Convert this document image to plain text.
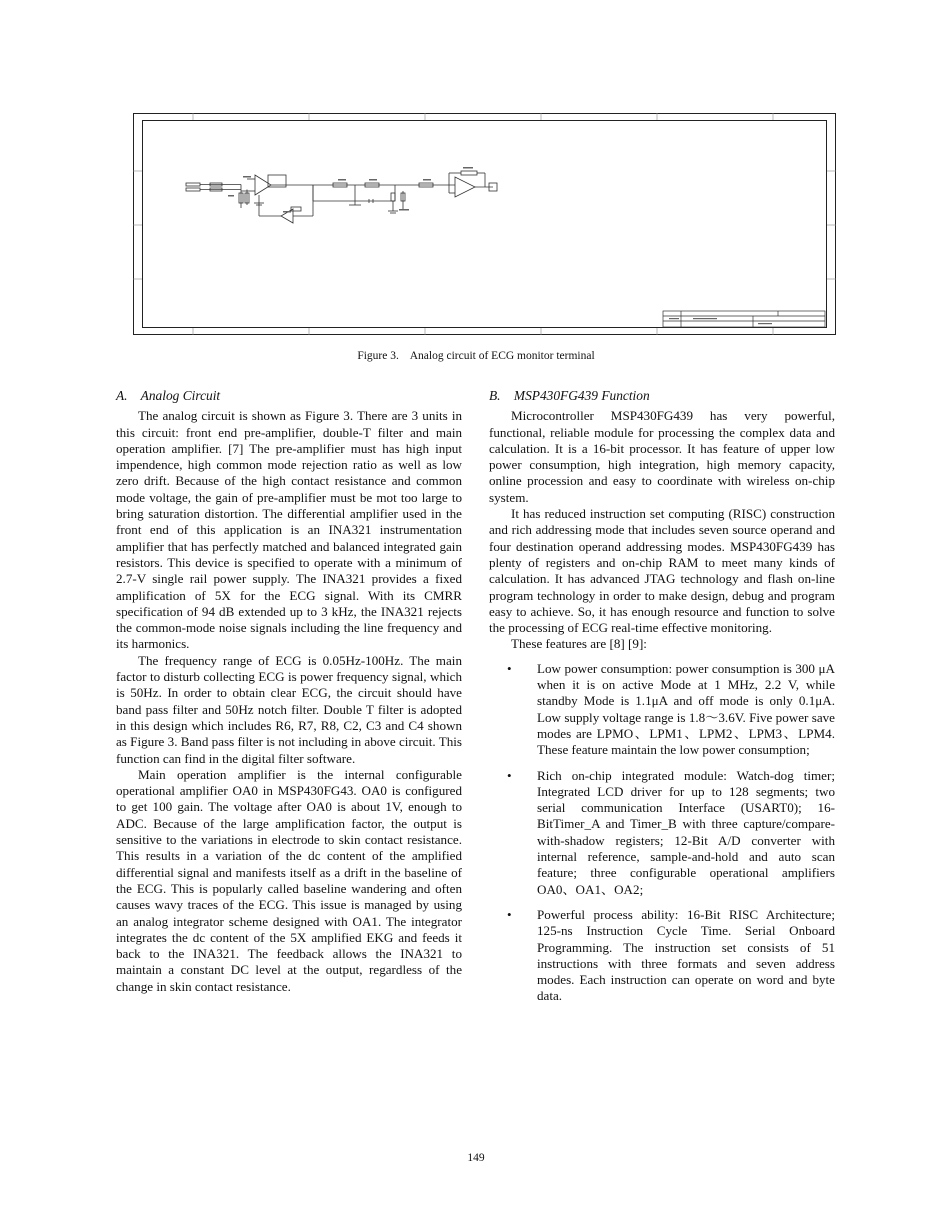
Figure 3.    Analog circuit of ECG monitor terminal
A.    Analog Circuit

The analog circuit is shown as Figure 3. There are 3 units in this circuit: front end pre-amplifier, double-T filter and main operation amplifier. [7] The pre-amplifier must has high input impendence, high common mode rejection ratio as well as low zero drift. Because of the high contact resistance and common mode voltage, the gain of pre-amplifier must be mot too large to bring saturation distortion. The differential amplifier used in the front end of this application is an INA321 instrumentation amplifier that has perfectly matched and balanced integrated gain resistors. This device is specified to operate with a minimum of 2.7-V single rail power supply. The INA321 provides a fixed amplification of 5X for the ECG signal. With its CMRR specification of 94 dB extended up to 3 kHz, the INA321 rejects the common-mode noise signals including the line frequency and its harmonics.

The frequency range of ECG is 0.05Hz-100Hz. The main factor to disturb collecting ECG is power frequency signal, which is 50Hz. In order to obtain clear ECG, the circuit should have band pass filter and 50Hz notch filter. Double T filter is adopted in this design which includes R6, R7, R8, C2, C3 and C4 shown as Figure 3. Band pass filter is not including in above circuit. This function can find in the digital filter software.

Main operation amplifier is the internal configurable operational amplifier OA0 in MSP430FG43. OA0 is configured to get 100 gain. The voltage after OA0 is about 1V, enough to ADC. Because of the large amplification factor, the output is sensitive to the variations in electrode to skin contact resistance. This results in a variation of the dc content of the amplified differential signal and manifests itself as a drift in the baseline of the ECG. This is popularly called baseline wandering and often causes wavy traces of the ECG. This issue is managed by using an analog integrator scheme designed with OA1. The integrator integrates the dc content of the 5X amplified EKG and feeds it back to the INA321. The feedback allows the INA321 to maintain a constant DC level at the output, regardless of the change in skin contact resistance.

B.    MSP430FG439 Function

Microcontroller MSP430FG439 has very powerful, functional, reliable module for processing the complex data and calculation. It is a 16-bit processor. It has feature of upper low power consumption, high integration, high memory capacity, online procession and easy to coordinate with wireless on-chip system.

It has reduced instruction set computing (RISC) construction and rich addressing mode that includes seven source operand and four destination operand addressing modes. MSP430FG439 has plenty of registers and on-chip RAM to meet many kinds of calculation. It has advanced JTAG technology and flash on-line program technology in order to make design, debug and program easy to achieve. So, it has enough resource and function to solve the processing of ECG real-time effective monitoring.

These features are [8] [9]:

• Low power consumption: power consumption is 300 μA when it is on active Mode at 1 MHz, 2.2 V, while standby Mode is 1.1μA and off mode is only 0.1μA. Low supply voltage range is 1.8～3.6V. Five power save modes are LPMO、LPM1、LPM2、LPM3、LPM4. These feature maintain the low power consumption;
• Rich on-chip integrated module: Watch-dog timer; Integrated LCD driver for up to 128 segments; two serial communication Interface (USART0); 16-BitTimer_A and Timer_B with three capture/compare-with-shadow registers; 12-Bit A/D converter with internal reference, sample-and-hold and auto scan feature; three configurable operational amplifiers OA0、OA1、OA2;
• Powerful process ability: 16-Bit RISC Architecture; 125-ns Instruction Cycle Time. Serial Onboard Programming. The instruction set consists of 51 instructions with three formats and seven address modes. Each instruction can operate on word and byte data.
149
